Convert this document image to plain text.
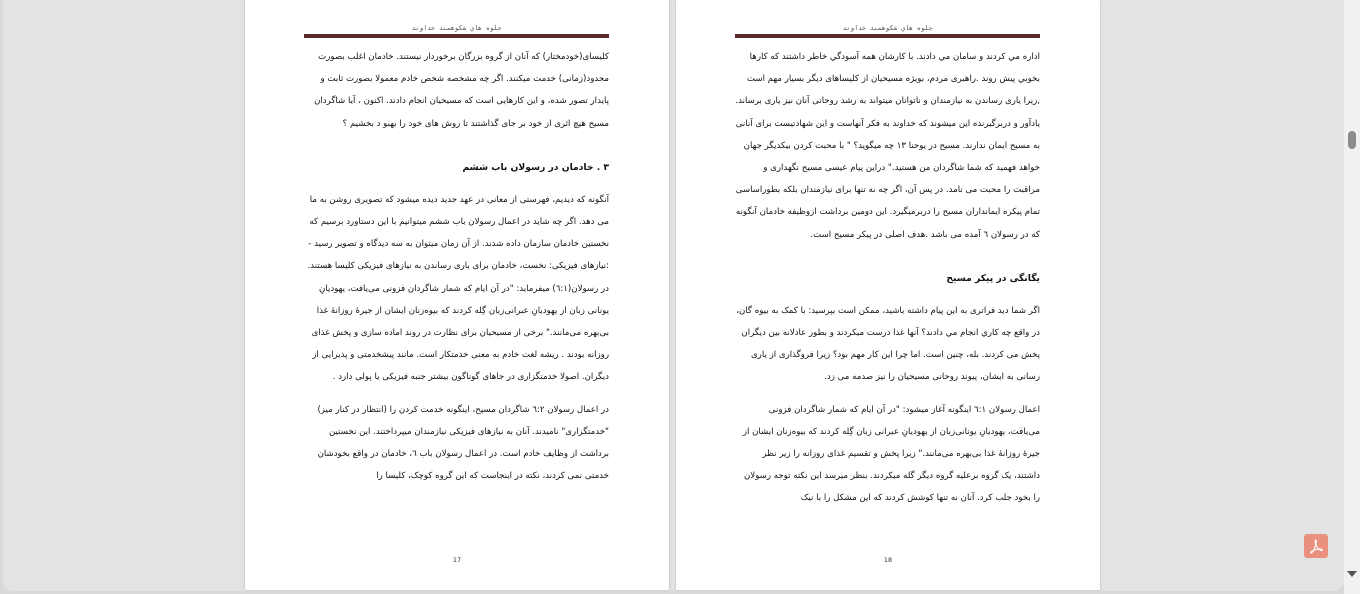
جلوه هاي شكوهمند خداوند

کلیسای(خودمختار) که آنان از گروه بزرگان برخوردار نیستند. خادمان اغلب بصورت محدود(زمانی) خدمت میکنند. اگر چه مشخصه شخص خادم معمولا بصورت ثابت و پایدار تصور شده، و این کارهایی است که مسیحیان انجام دادند. اکنون ، آیا شاگردان مسیح هیچ اثری از خود بر جای گذاشتند تا روش های خود را بهبو د بخشیم ؟

٣ . خادمان در رسولان باب ششم

آنگونه که دیدیم، فهرستی از معانی در عهد جدید دیده میشود که تصویری روشن به ما می دهد. اگر چه شاید در اعمال رسولان باب ششم میتوانیم با این دستاورد برسیم که نخستین خادمان سازمان داده شدند. از آن زمان میتوان به سه دیدگاه و تصویر رسید - :نیازهای فیزیکی: نخست، خادمان برای یاری رساندن به نیازهای فیزیکی کلیسا هستند. در رسولان(٦:١) میفرماید: "در آن ایام که شمار شاگردان فزونی می‌یافت، یهودیانِ یونانی زبان از یهودیانِ عبرانی‌زبان گِله کردند که بیوه‌زنان ایشان از جیرهٔ روزانهٔ غذا بی‌بهره می‌مانند." برخی از مسیحیان برای نظارت در روند اماده سازی و پخش غذای روزانه بودند . ریشه لغت خادم به معنی خدمتکار است. مانند پیشخدمتی و پذیرایی از دیگران. اصولا خدمتگزاری در جاهای گوناگون بیشتر جنبه فیزیکی یا پولی دارد .

در اعمال رسولان ٦:٢ شاگردان مسیح، اینگونه خدمت کردن را (انتظار در کنار میز) "خدمتگزاری" نامیدند. آنان به نیازهای فیزیکی نیازمندان میپرداختند. این نخستین برداشت از وظایف خادم است. در اعمال رسولان باب ٦، خادمان در واقع بخودشان خدمتی نمی کردند، نکته در اینجاست که این گروه کوچک، کلیسا را

17
جلوه هاي شكوهمند خداوند

اداره مي كردند و سامان مي دادند. با كارشان همه آسودگي خاطر داشتند كه كارها بخوبي پيش روند .راهبری مردم، بویژه مسیحیان از کلیساهای دیگر بسیار مهم است ,زیرا یاری رساندن به نیازمندان و ناتوانان میتواند به رشد روحانی آنان نیز یاری برساند. یادآور و دربرگیرنده این میشوند که خداوند به فکر آنهاست و این شهادتیست برای آنانی به مسیح ایمان ندارند. مسیح در یوحنا ١٣ چه میگوید؟ " با محبت کردن بیکدیگر جهان خواهد فهمید که شما شاگردان من هستید." دراین پیام عیسی مسیح نگهداری و مراقبت را محبت می نامد. در پس آن، اگر چه نه تنها برای نیازمندان بلکه بطوراساسی تمام پیکره ایمانداران مسیح را دربرمیگیرد. این دومین برداشت ازوظیفه خادمان آنگونه که در رسولان ٦ آمده می باشد .هدف اصلی در پیکر مسیح است.

یگانگی در پیکر مسیح

اگر شما دید فراتری به این پیام داشته باشید، ممکن است بپرسید: با کمک به بیوه گان، در واقع چه كاري انجام مي دادند؟ آنها غذا درست میکردند و بطور عادلانه بین دیگران پخش می کردند. بله، چنین است. اما چرا این کار مهم بود؟ زیرا فروگذاری از یاری رسانی به ایشان، پیوند روحانی مسیحیان را نیز صدمه می زد.

اعمال رسولان ٦:١ اینگونه آغاز میشود: "در آن ایام که شمار شاگردان فزونی می‌یافت، یهودیانِ یونانی‌زبان از یهودیانِ عبرانی زبان گِله کردند که بیوه‌زنان ایشان از جیرهٔ روزانهٔ غذا بی‌بهره می‌مانند." زیرا پخش و تقسیم غذای روزانه را زیر نظر داشتند، یک گروه برعلیه گروه دیگر گله میکردند. بنظر میرسد این نکته توجه رسولان را بخود جلب کرد. آنان نه تنها کوشش کردند که این مشکل را با نیک

18
